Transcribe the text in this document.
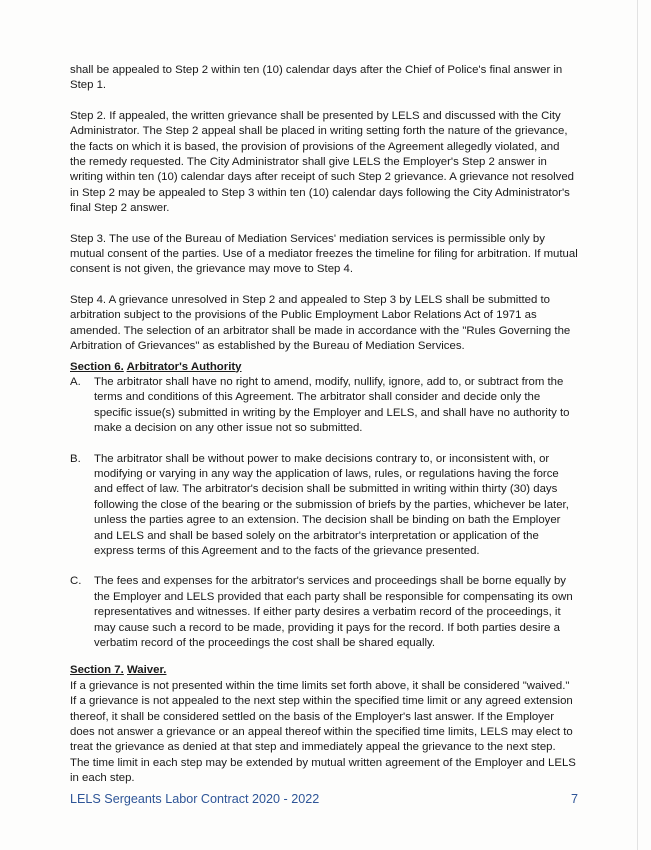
shall be appealed to Step 2 within ten (10) calendar days after the Chief of Police's final answer in Step 1.

Step 2. If appealed, the written grievance shall be presented by LELS and discussed with the City Administrator. The Step 2 appeal shall be placed in writing setting forth the nature of the grievance, the facts on which it is based, the provision of provisions of the Agreement allegedly violated, and the remedy requested. The City Administrator shall give LELS the Employer's Step 2 answer in writing within ten (10) calendar days after receipt of such Step 2 grievance. A grievance not resolved in Step 2 may be appealed to Step 3 within ten (10) calendar days following the City Administrator's final Step 2 answer.

Step 3. The use of the Bureau of Mediation Services' mediation services is permissible only by mutual consent of the parties. Use of a mediator freezes the timeline for filing for arbitration. If mutual consent is not given, the grievance may move to Step 4.

Step 4. A grievance unresolved in Step 2 and appealed to Step 3 by LELS shall be submitted to arbitration subject to the provisions of the Public Employment Labor Relations Act of 1971 as amended. The selection of an arbitrator shall be made in accordance with the "Rules Governing the Arbitration of Grievances" as established by the Bureau of Mediation Services.

Section 6. Arbitrator's Authority

A.	The arbitrator shall have no right to amend, modify, nullify, ignore, add to, or subtract from the terms and conditions of this Agreement. The arbitrator shall consider and decide only the specific issue(s) submitted in writing by the Employer and LELS, and shall have no authority to make a decision on any other issue not so submitted.
B.	The arbitrator shall be without power to make decisions contrary to, or inconsistent with, or modifying or varying in any way the application of laws, rules, or regulations having the force and effect of law. The arbitrator's decision shall be submitted in writing within thirty (30) days following the close of the bearing or the submission of briefs by the parties, whichever be later, unless the parties agree to an extension. The decision shall be binding on bath the Employer and LELS and shall be based solely on the arbitrator's interpretation or application of the express terms of this Agreement and to the facts of the grievance presented.
C.	The fees and expenses for the arbitrator's services and proceedings shall be borne equally by the Employer and LELS provided that each party shall be responsible for compensating its own representatives and witnesses. If either party desires a verbatim record of the proceedings, it may cause such a record to be made, providing it pays for the record. If both parties desire a verbatim record of the proceedings the cost shall be shared equally.

Section 7. Waiver.

If a grievance is not presented within the time limits set forth above, it shall be considered "waived." If a grievance is not appealed to the next step within the specified time limit or any agreed extension thereof, it shall be considered settled on the basis of the Employer's last answer. If the Employer does not answer a grievance or an appeal thereof within the specified time limits, LELS may elect to treat the grievance as denied at that step and immediately appeal the grievance to the next step. The time limit in each step may be extended by mutual written agreement of the Employer and LELS in each step.

LELS Sergeants Labor Contract 2020 - 2022	7
